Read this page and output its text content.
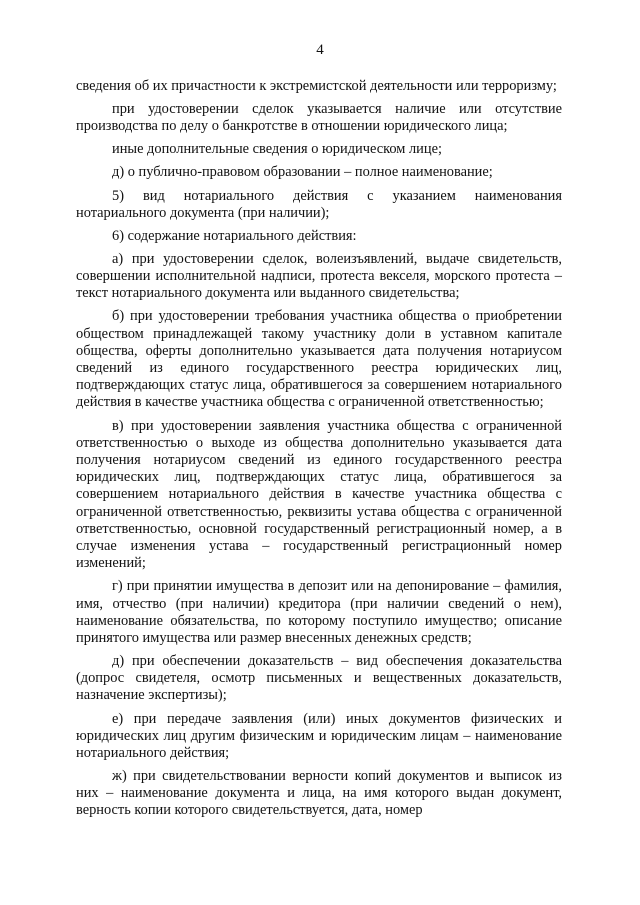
4

сведения об их причастности к экстремистской деятельности или терроризму;

при удостоверении сделок указывается наличие или отсутствие производства по делу о банкротстве в отношении юридического лица;

иные дополнительные сведения о юридическом лице;

д) о публично-правовом образовании – полное наименование;

5) вид нотариального действия с указанием наименования нотариального документа (при наличии);

6) содержание нотариального действия:

а) при удостоверении сделок, волеизъявлений, выдаче свидетельств, совершении исполнительной надписи, протеста векселя, морского протеста – текст нотариального документа или выданного свидетельства;

б) при удостоверении требования участника общества о приобретении обществом принадлежащей такому участнику доли в уставном капитале общества, оферты дополнительно указывается дата получения нотариусом сведений из единого государственного реестра юридических лиц, подтверждающих статус лица, обратившегося за совершением нотариального действия в качестве участника общества с ограниченной ответственностью;

в) при удостоверении заявления участника общества с ограниченной ответственностью о выходе из общества дополнительно указывается дата получения нотариусом сведений из единого государственного реестра юридических лиц, подтверждающих статус лица, обратившегося за совершением нотариального действия в качестве участника общества с ограниченной ответственностью, реквизиты устава общества с ограниченной ответственностью, основной государственный регистрационный номер, а в случае изменения устава – государственный регистрационный номер изменений;

г) при принятии имущества в депозит или на депонирование – фамилия, имя, отчество (при наличии) кредитора (при наличии сведений о нем), наименование обязательства, по которому поступило имущество; описание принятого имущества или размер внесенных денежных средств;

д) при обеспечении доказательств – вид обеспечения доказательства (допрос свидетеля, осмотр письменных и вещественных доказательств, назначение экспертизы);

е) при передаче заявления (или) иных документов физических и юридических лиц другим физическим и юридическим лицам – наименование нотариального действия;

ж) при свидетельствовании верности копий документов и выписок из них – наименование документа и лица, на имя которого выдан документ, верность копии которого свидетельствуется, дата, номер
